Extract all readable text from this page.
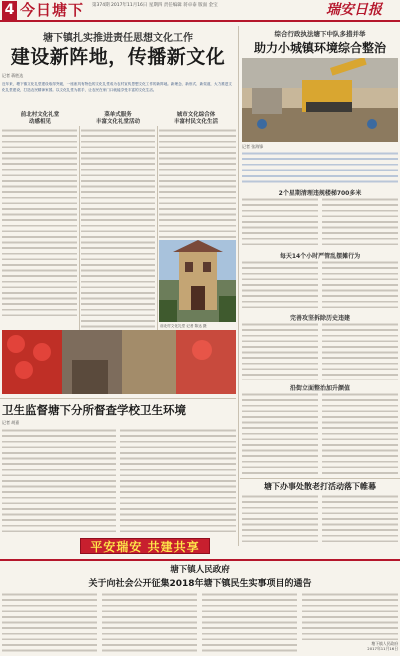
4 今日塘下 第374期 2017年11月16日 星期四 责任编辑 蒋卓泰 版面 金宝	瑞安日报
塘下镇扎实推进责任思想文化工作
建设新阵地，传播新文化
记者 蒋胜达
近年来，塘下镇文化礼堂建设取得突破，一座座具有特色的文化礼堂成为农村宣传思想文化工作的新阵地。新理念、新形式、新渠道，大力推进文化礼堂建设，打造农民精神家园。以文化礼堂为抓手，让农民在家门口就能享受丰富的文化生活。
前北村文化礼堂
动感相见
菜单式服务
丰富文化礼堂活动
城市文化综合体
丰富村民文化生活
前北村文化礼堂 记者 陈达 摄
卫生监督塘下分所督查学校卫生环境
记者 胡嘉
平安瑞安 共建共享
综合行政执法塘下中队多措并举
助力小城镇环境综合整治
记者 张海锋
2个星期清理违规楼梯700多米
每天14个小时严管乱摆摊行为
完善攻坚拆除历史违建
沿街立面整治加升颜值
塘下办事处散老打活动落下帷幕
塘下镇人民政府
关于向社会公开征集2018年塘下镇民生实事项目的通告
塘下镇人民政府
2017年11月16日
